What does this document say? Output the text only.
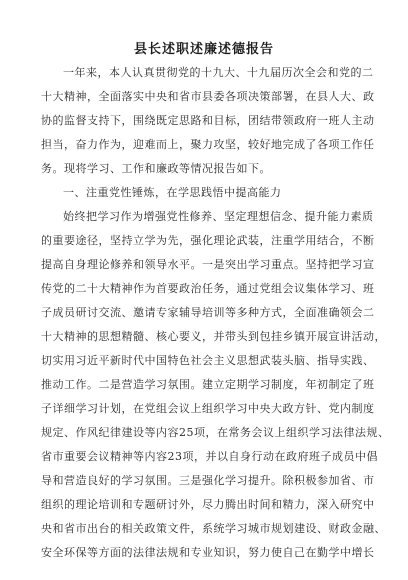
县长述职述廉述德报告
一年来，本人认真贯彻党的十九大、十九届历次全会和党的二
十大精神，全面落实中央和省市县委各项决策部署，在县人大、政
协的监督支持下，围绕既定思路和目标，团结带领政府一班人主动
担当，奋力作为，迎难而上，聚力攻坚，较好地完成了各项工作任
务。现将学习、工作和廉政等情况报告如下。
一、注重党性锤炼，在学思践悟中提高能力
始终把学习作为增强党性修养、坚定理想信念、提升能力素质
的重要途径，坚持立学为先，强化理论武装，注重学用结合，不断
提高自身理论修养和领导水平。一是突出学习重点。坚持把学习宣
传党的二十大精神作为首要政治任务，通过党组会议集体学习、班
子成员研讨交流、邀请专家辅导培训等多种方式，全面准确领会二
十大精神的思想精髓、核心要义，并带头到包挂乡镇开展宣讲活动，
切实用习近平新时代中国特色社会主义思想武装头脑、指导实践、
推动工作。二是营造学习氛围。建立定期学习制度，年初制定了班
子详细学习计划，在党组会议上组织学习中央大政方针、党内制度
规定、作风纪律建设等内容25项，在常务会议上组织学习法律法规、
省市重要会议精神等内容23项，并以自身行动在政府班子成员中倡
导和营造良好的学习氛围。三是强化学习提升。除积极参加省、市
组织的理论培训和专题研讨外，尽力腾出时间和精力，深入研究中
央和省市出台的相关政策文件，系统学习城市规划建设、财政金融、
安全环保等方面的法律法规和专业知识，努力使自己在勤学中增长
